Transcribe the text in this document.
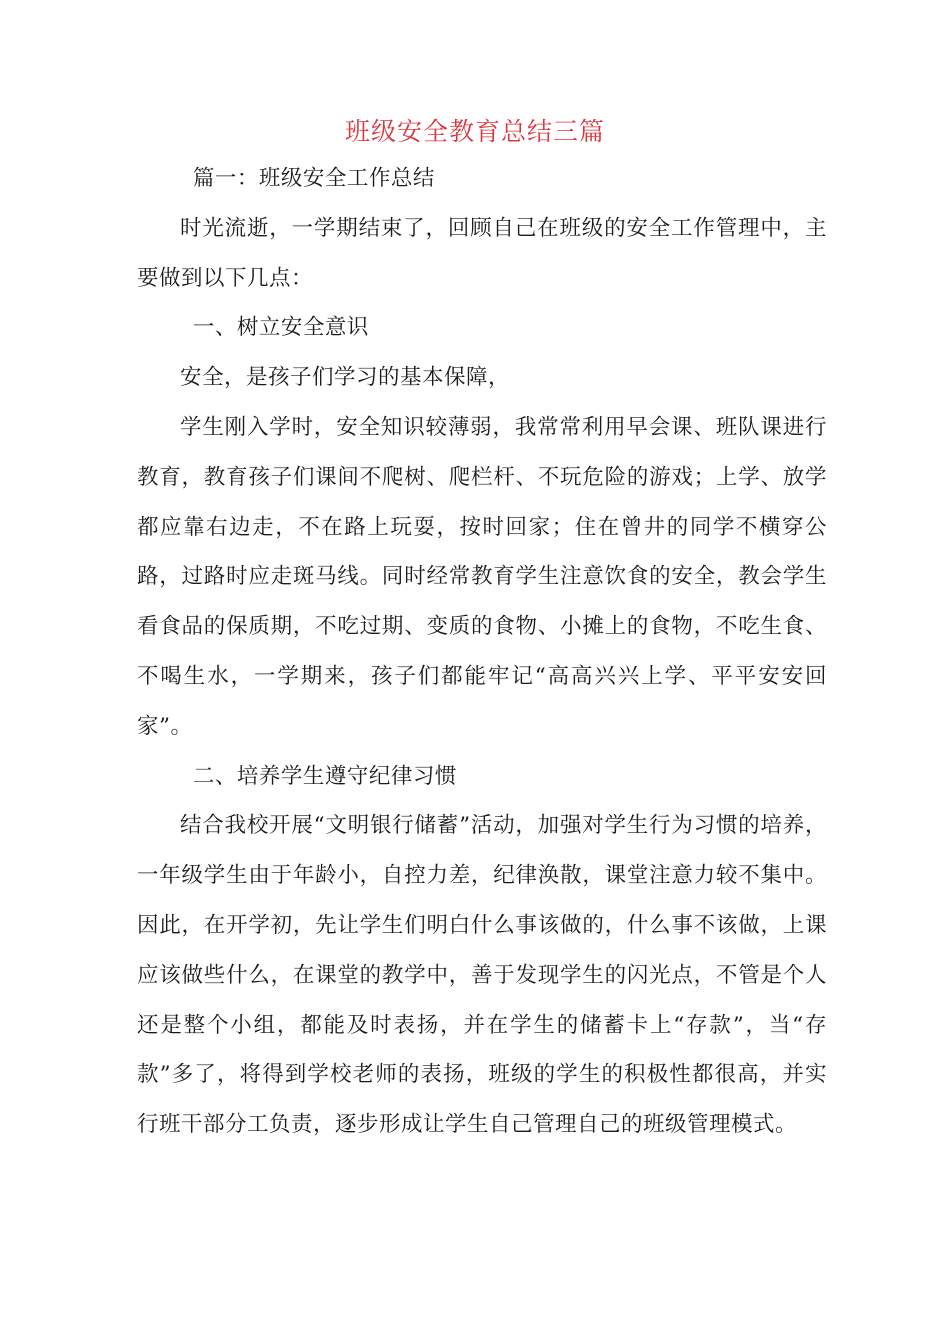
班级安全教育总结三篇

篇一：班级安全工作总结

时光流逝，一学期结束了，回顾自己在班级的安全工作管理中，主要做到以下几点：

一、树立安全意识

安全，是孩子们学习的基本保障，

学生刚入学时，安全知识较薄弱，我常常利用早会课、班队课进行教育，教育孩子们课间不爬树、爬栏杆、不玩危险的游戏；上学、放学都应靠右边走，不在路上玩耍，按时回家；住在曾井的同学不横穿公路，过路时应走斑马线。同时经常教育学生注意饮食的安全，教会学生看食品的保质期，不吃过期、变质的食物、小摊上的食物，不吃生食、不喝生水，一学期来，孩子们都能牢记“高高兴兴上学、平平安安回家”。

二、培养学生遵守纪律习惯

结合我校开展“文明银行储蓄”活动，加强对学生行为习惯的培养，一年级学生由于年龄小，自控力差，纪律涣散，课堂注意力较不集中。因此，在开学初，先让学生们明白什么事该做的，什么事不该做，上课应该做些什么，在课堂的教学中，善于发现学生的闪光点，不管是个人还是整个小组，都能及时表扬，并在学生的储蓄卡上“存款”，当“存款”多了，将得到学校老师的表扬，班级的学生的积极性都很高，并实行班干部分工负责，逐步形成让学生自己管理自己的班级管理模式。
